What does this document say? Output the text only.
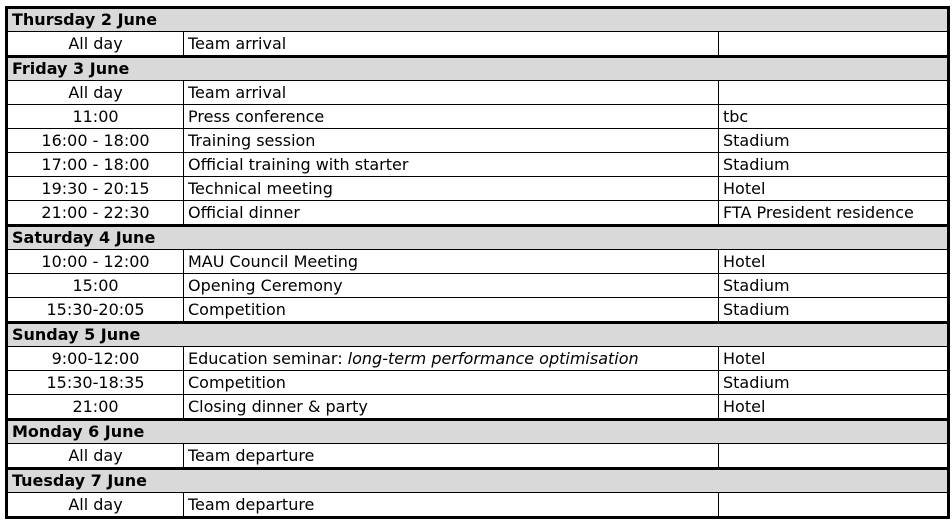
Thursday 2 June		
All day	Team arrival	
Friday 3 June		
All day	Team arrival	
11:00	Press conference	tbc
16:00 - 18:00	Training session	Stadium
17:00 - 18:00	Official training with starter	Stadium
19:30 - 20:15	Technical meeting	Hotel
21:00 - 22:30	Official dinner	FTA President residence
Saturday 4 June		
10:00 - 12:00	MAU Council Meeting	Hotel
15:00	Opening Ceremony	Stadium
15:30-20:05	Competition	Stadium
Sunday 5 June		
9:00-12:00	Education seminar: long-term performance optimisation	Hotel
15:30-18:35	Competition	Stadium
21:00	Closing dinner & party	Hotel
Monday 6 June		
All day	Team departure	
Tuesday 7 June		
All day	Team departure	
